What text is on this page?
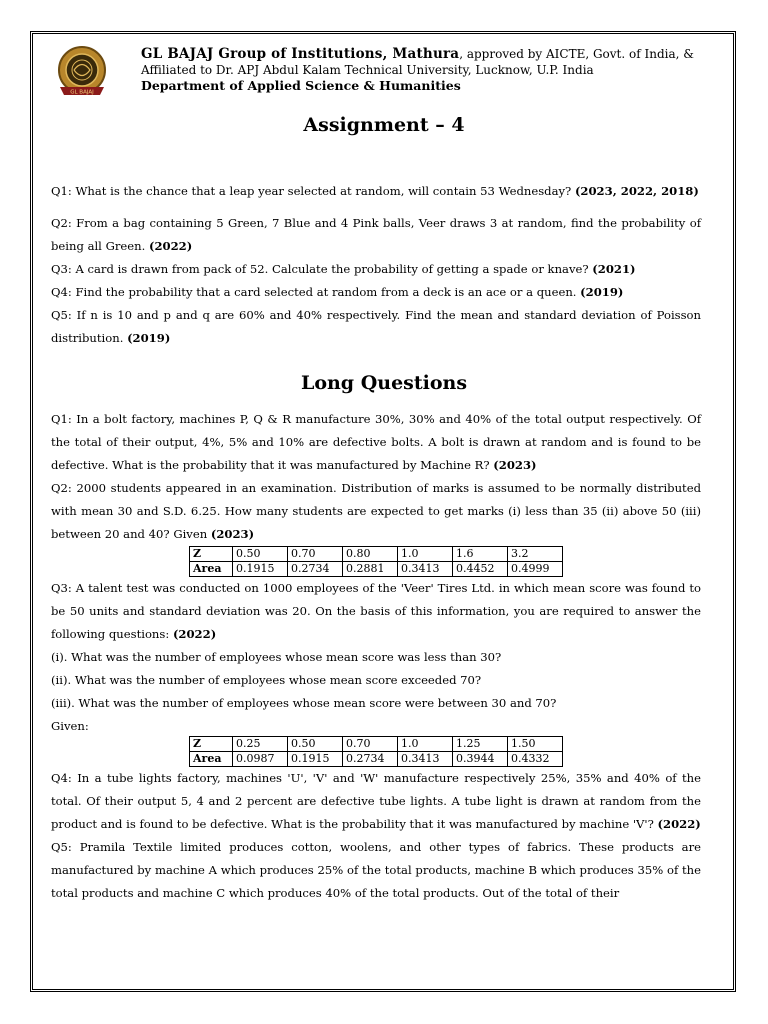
GL BAJAJ
GL BAJAJ Group of Institutions, Mathura, approved by AICTE, Govt. of India, & Affiliated to Dr. APJ Abdul Kalam Technical University, Lucknow, U.P. India
Department of Applied Science & Humanities
Assignment – 4

Q1: What is the chance that a leap year selected at random, will contain 53 Wednesday? (2023, 2022, 2018)

Q2: From a bag containing 5 Green, 7 Blue and 4 Pink balls, Veer draws 3 at random, find the probability of being all Green. (2022)

Q3: A card is drawn from pack of 52. Calculate the probability of getting a spade or knave? (2021)

Q4: Find the probability that a card selected at random from a deck is an ace or a queen. (2019)

Q5: If n is 10 and p and q are 60% and 40% respectively. Find the mean and standard deviation of Poisson distribution. (2019)

Long Questions

Q1: In a bolt factory, machines P, Q & R manufacture 30%, 30% and 40% of the total output respectively. Of the total of their output, 4%, 5% and 10% are defective bolts. A bolt is drawn at random and is found to be defective. What is the probability that it was manufactured by Machine R? (2023)

Q2: 2000 students appeared in an examination. Distribution of marks is assumed to be normally distributed with mean 30 and S.D. 6.25. How many students are expected to get marks (i) less than 35 (ii) above 50 (iii) between 20 and 40? Given (2023)

Z	0.50	0.70	0.80	1.0	1.6	3.2
Area	0.1915	0.2734	0.2881	0.3413	0.4452	0.4999

Q3: A talent test was conducted on 1000 employees of the 'Veer' Tires Ltd. in which mean score was found to be 50 units and standard deviation was 20. On the basis of this information, you are required to answer the following questions: (2022)

(i). What was the number of employees whose mean score was less than 30?

(ii). What was the number of employees whose mean score exceeded 70?

(iii). What was the number of employees whose mean score were between 30 and 70?

Given:

Z	0.25	0.50	0.70	1.0	1.25	1.50
Area	0.0987	0.1915	0.2734	0.3413	0.3944	0.4332

Q4: In a tube lights factory, machines 'U', 'V' and 'W' manufacture respectively 25%, 35% and 40% of the total. Of their output 5, 4 and 2 percent are defective tube lights. A tube light is drawn at random from the product and is found to be defective. What is the probability that it was manufactured by machine 'V'? (2022)

Q5: Pramila Textile limited produces cotton, woolens, and other types of fabrics. These products are manufactured by machine A which produces 25% of the total products, machine B which produces 35% of the total products and machine C which produces 40% of the total products. Out of the total of their
